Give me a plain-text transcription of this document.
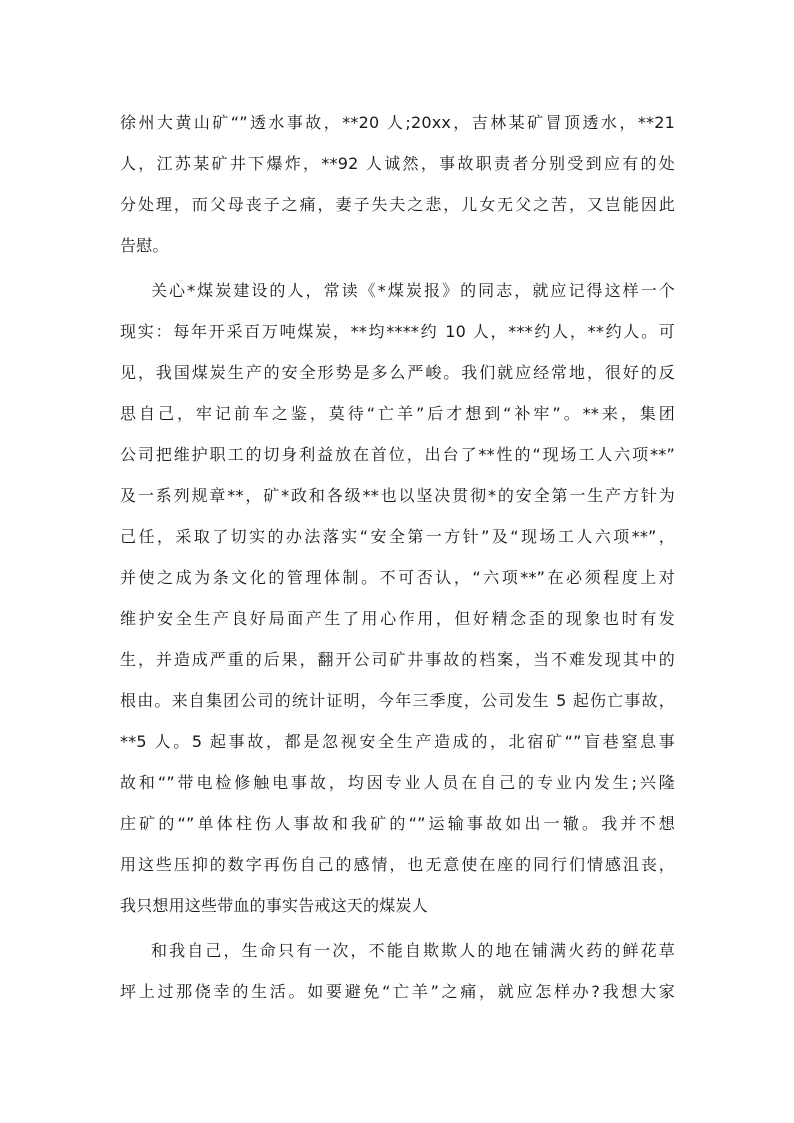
徐州大黄山矿“”透水事故，**20 人;20xx，吉林某矿冒顶透水，**21
人，江苏某矿井下爆炸，**92 人诚然，事故职责者分别受到应有的处
分处理，而父母丧子之痛，妻子失夫之悲，儿女无父之苦，又岂能因此
告慰。
关心*煤炭建设的人，常读《*煤炭报》的同志，就应记得这样一个
现实：每年开采百万吨煤炭，**均****约 10 人，***约人，**约人。可
见，我国煤炭生产的安全形势是多么严峻。我们就应经常地，很好的反
思自己，牢记前车之鉴，莫待“亡羊”后才想到“补牢”。**来，集团
公司把维护职工的切身利益放在首位，出台了**性的“现场工人六项**”
及一系列规章**，矿*政和各级**也以坚决贯彻*的安全第一生产方针为
己任，采取了切实的办法落实“安全第一方针”及“现场工人六项**”，
并使之成为条文化的管理体制。不可否认，“六项**”在必须程度上对
维护安全生产良好局面产生了用心作用，但好精念歪的现象也时有发
生，并造成严重的后果，翻开公司矿井事故的档案，当不难发现其中的
根由。来自集团公司的统计证明，今年三季度，公司发生 5 起伤亡事故，
**5 人。5 起事故，都是忽视安全生产造成的，北宿矿“”盲巷窒息事
故和“”带电检修触电事故，均因专业人员在自己的专业内发生;兴隆
庄矿的“”单体柱伤人事故和我矿的“”运输事故如出一辙。我并不想
用这些压抑的数字再伤自己的感情，也无意使在座的同行们情感沮丧，
我只想用这些带血的事实告戒这天的煤炭人
和我自己，生命只有一次，不能自欺欺人的地在铺满火药的鲜花草
坪上过那侥幸的生活。如要避免“亡羊”之痛，就应怎样办?我想大家
